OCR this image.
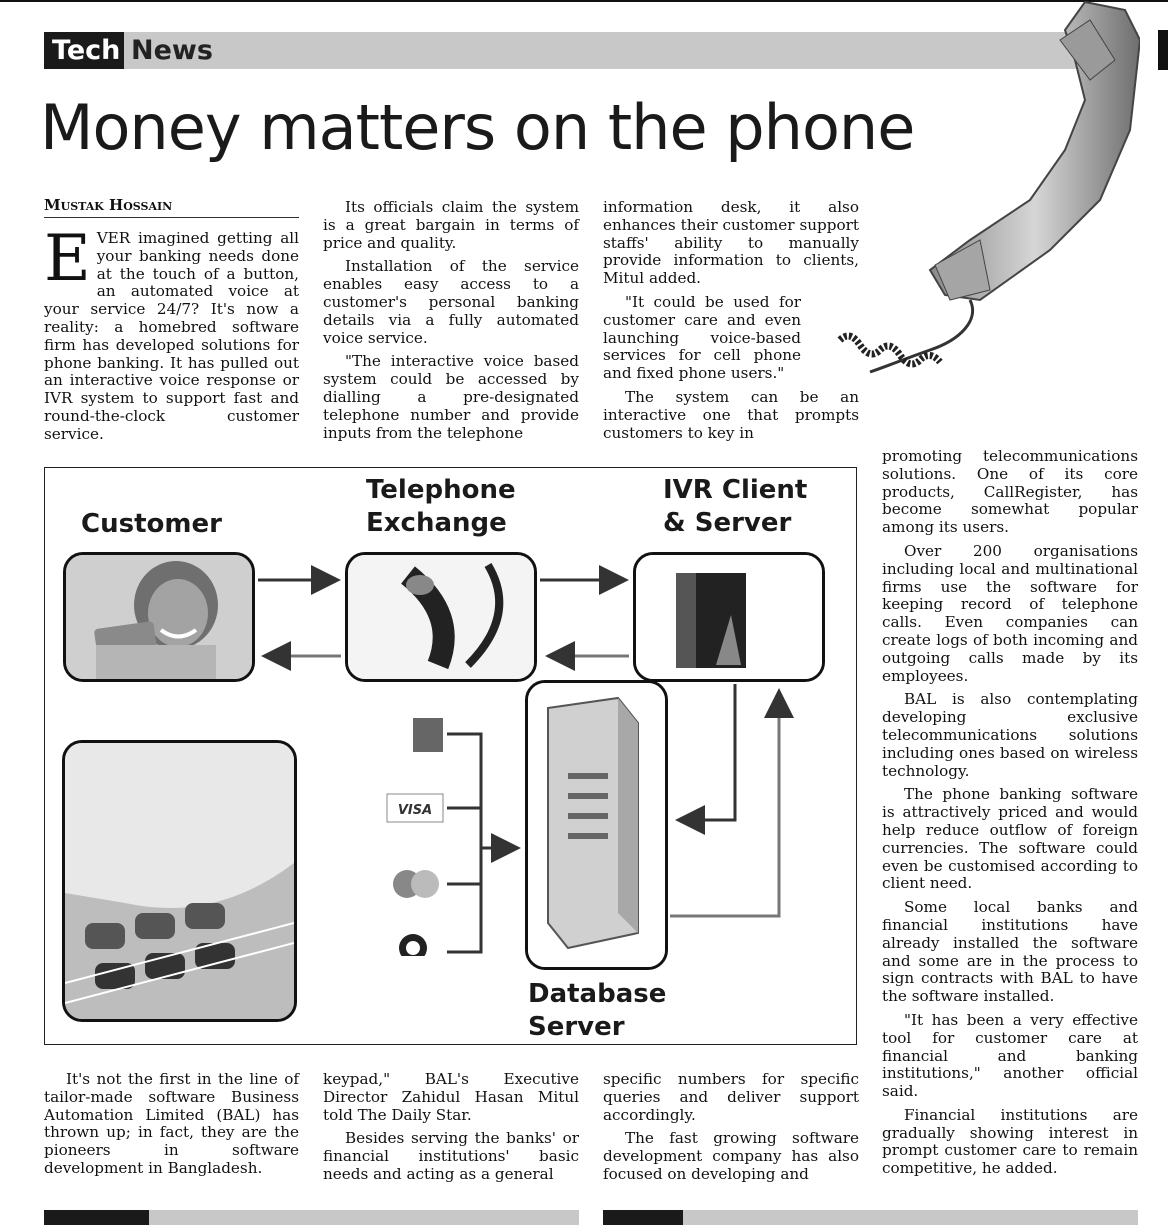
Tech News
Money matters on the phone
Mustak Hossain

EVER imagined getting all your banking needs done at the touch of a button, an automated voice at your service 24/7? It's now a reality: a homebred software firm has developed solutions for phone banking. It has pulled out an interactive voice response or IVR system to support fast and round-the-clock customer service.

Its officials claim the system is a great bargain in terms of price and quality.

Installation of the service enables easy access to a customer's personal banking details via a fully automated voice service.

"The interactive voice based system could be accessed by dialling a pre-designated telephone number and provide inputs from the telephone

information desk, it also enhances their customer support staffs' ability to manually provide information to clients, Mitul added.

"It could be used for customer care and even launching voice-based services for cell phone and fixed phone users."

The system can be an interactive one that prompts customers to key in

promoting telecommunications solutions. One of its core products, CallRegister, has become somewhat popular among its users.

Over 200 organisations including local and multinational firms use the software for keeping record of telephone calls. Even companies can create logs of both incoming and outgoing calls made by its employees.

BAL is also contemplating developing exclusive telecommunications solutions including ones based on wireless technology.

The phone banking software is attractively priced and would help reduce outflow of foreign currencies. The software could even be customised according to client need.

Some local banks and financial institutions have already installed the software and some are in the process to sign contracts with BAL to have the software installed.

"It has been a very effective tool for customer care at financial and banking institutions," another official said.

Financial institutions are gradually showing interest in prompt customer care to remain competitive, he added.

Customer
Telephone
Exchange
IVR Client
& Server
Database
Server
VISA

It's not the first in the line of tailor-made software Business Automation Limited (BAL) has thrown up; in fact, they are the pioneers in software development in Bangladesh.

keypad," BAL's Executive Director Zahidul Hasan Mitul told The Daily Star.

Besides serving the banks' or financial institutions' basic needs and acting as a general

specific numbers for specific queries and deliver support accordingly.

The fast growing software development company has also focused on developing and
